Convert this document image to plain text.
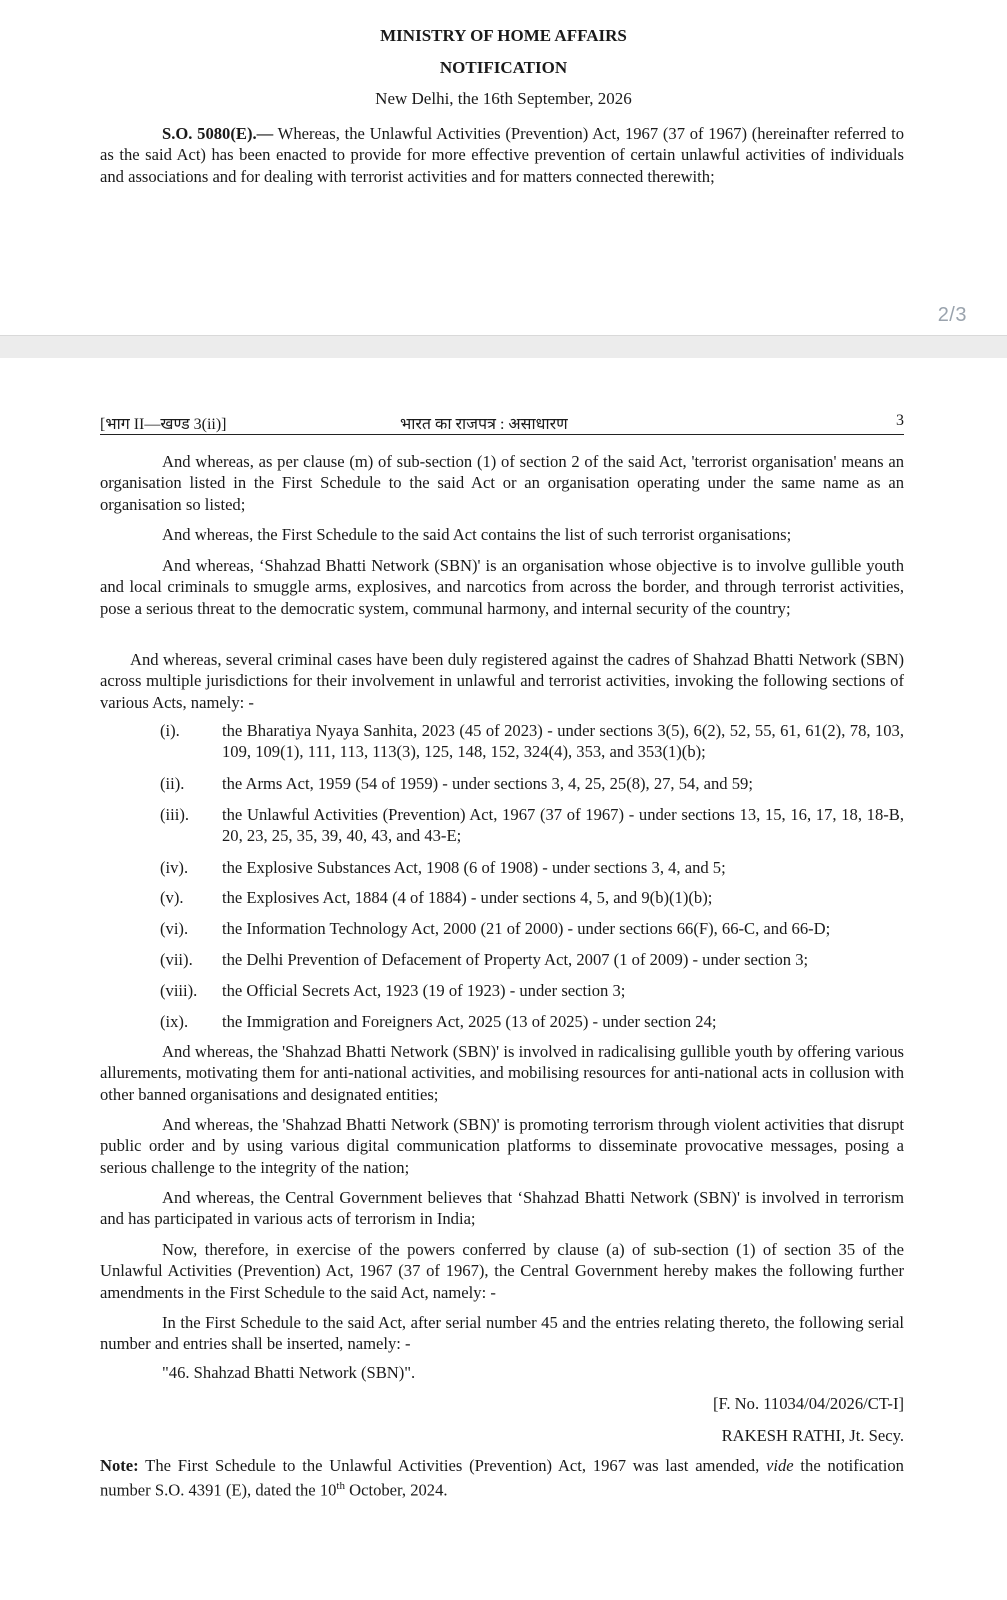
MINISTRY OF HOME AFFAIRS
NOTIFICATION
New Delhi, the 16th September, 2026
S.O. 5080(E).— Whereas, the Unlawful Activities (Prevention) Act, 1967 (37 of 1967) (hereinafter referred to as the said Act) has been enacted to provide for more effective prevention of certain unlawful activities of individuals and associations and for dealing with terrorist activities and for matters connected therewith;
2/3
[भाग II—खण्ड 3(ii)]	भारत का राजपत्र : असाधारण	3
And whereas, as per clause (m) of sub-section (1) of section 2 of the said Act, 'terrorist organisation' means an organisation listed in the First Schedule to the said Act or an organisation operating under the same name as an organisation so listed;
And whereas, the First Schedule to the said Act contains the list of such terrorist organisations;
And whereas, ‘Shahzad Bhatti Network (SBN)' is an organisation whose objective is to involve gullible youth and local criminals to smuggle arms, explosives, and narcotics from across the border, and through terrorist activities, pose a serious threat to the democratic system, communal harmony, and internal security of the country;
And whereas, several criminal cases have been duly registered against the cadres of Shahzad Bhatti Network (SBN) across multiple jurisdictions for their involvement in unlawful and terrorist activities, invoking the following sections of various Acts, namely: -
(i).	the Bharatiya Nyaya Sanhita, 2023 (45 of 2023) - under sections 3(5), 6(2), 52, 55, 61, 61(2), 78, 103, 109, 109(1), 111, 113, 113(3), 125, 148, 152, 324(4), 353, and 353(1)(b);
(ii). the Arms Act, 1959 (54 of 1959) - under sections 3, 4, 25, 25(8), 27, 54, and 59;
(iii). the Unlawful Activities (Prevention) Act, 1967 (37 of 1967) - under sections 13, 15, 16, 17, 18, 18-B, 20, 23, 25, 35, 39, 40, 43, and 43-E;
(iv). the Explosive Substances Act, 1908 (6 of 1908) - under sections 3, 4, and 5;
(v). the Explosives Act, 1884 (4 of 1884) - under sections 4, 5, and 9(b)(1)(b);
(vi). the Information Technology Act, 2000 (21 of 2000) - under sections 66(F), 66-C, and 66-D;
(vii). the Delhi Prevention of Defacement of Property Act, 2007 (1 of 2009) - under section 3;
(viii). the Official Secrets Act, 1923 (19 of 1923) - under section 3;
(ix). the Immigration and Foreigners Act, 2025 (13 of 2025) - under section 24;
And whereas, the 'Shahzad Bhatti Network (SBN)' is involved in radicalising gullible youth by offering various allurements, motivating them for anti-national activities, and mobilising resources for anti-national acts in collusion with other banned organisations and designated entities;
And whereas, the 'Shahzad Bhatti Network (SBN)' is promoting terrorism through violent activities that disrupt public order and by using various digital communication platforms to disseminate provocative messages, posing a serious challenge to the integrity of the nation;
And whereas, the Central Government believes that ‘Shahzad Bhatti Network (SBN)' is involved in terrorism and has participated in various acts of terrorism in India;
Now, therefore, in exercise of the powers conferred by clause (a) of sub-section (1) of section 35 of the Unlawful Activities (Prevention) Act, 1967 (37 of 1967), the Central Government hereby makes the following further amendments in the First Schedule to the said Act, namely: -
In the First Schedule to the said Act, after serial number 45 and the entries relating thereto, the following serial number and entries shall be inserted, namely: -
"46. Shahzad Bhatti Network (SBN)".
[F. No. 11034/04/2026/CT-I]
RAKESH RATHI, Jt. Secy.
Note: The First Schedule to the Unlawful Activities (Prevention) Act, 1967 was last amended, vide the notification number S.O. 4391 (E), dated the 10th October, 2024.
